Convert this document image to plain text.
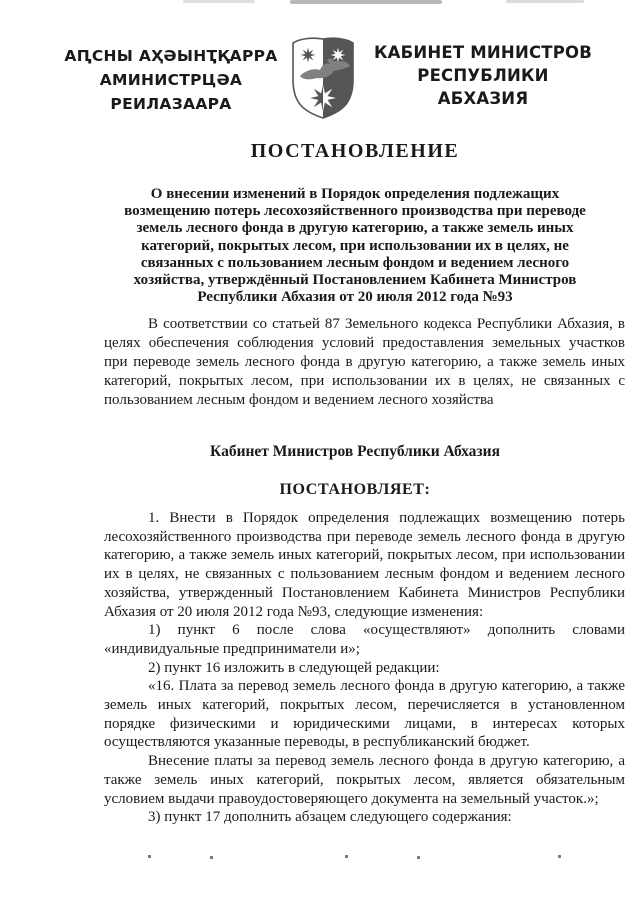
АԤСНЫ АҲӘЫНҬҚАРРА
АМИНИСТРЦӘА РЕИЛАЗААРА
КАБИНЕТ МИНИСТРОВ
РЕСПУБЛИКИ АБХАЗИЯ
ПОСТАНОВЛЕНИЕ
О внесении изменений в Порядок определения подлежащих возмещению потерь лесохозяйственного производства при переводе земель лесного фонда в другую категорию, а также земель иных категорий, покрытых лесом, при использовании их в целях, не связанных с пользованием лесным фондом и ведением лесного хозяйства, утверждённый Постановлением Кабинета Министров Республики Абхазия от 20 июля 2012 года №93

В соответствии со статьей 87 Земельного кодекса Республики Абхазия, в целях обеспечения соблюдения условий предоставления земельных участков при переводе земель лесного фонда в другую категорию, а также земель иных категорий, покрытых лесом, при использовании их в целях, не связанных с пользованием лесным фондом и ведением лесного хозяйства

Кабинет Министров Республики Абхазия
ПОСТАНОВЛЯЕТ:

1. Внести в Порядок определения подлежащих возмещению потерь лесохозяйственного производства при переводе земель лесного фонда в другую категорию, а также земель иных категорий, покрытых лесом, при использовании их в целях, не связанных с пользованием лесным фондом и ведением лесного хозяйства, утвержденный Постановлением Кабинета Министров Республики Абхазия от 20 июля 2012 года №93, следующие изменения:

1) пункт 6 после слова «осуществляют» дополнить словами «индивидуальные предприниматели и»;

2) пункт 16 изложить в следующей редакции:

«16. Плата за перевод земель лесного фонда в другую категорию, а также земель иных категорий, покрытых лесом, перечисляется в установленном порядке физическими и юридическими лицами, в интересах которых осуществляются указанные переводы, в республиканский бюджет.

Внесение платы за перевод земель лесного фонда в другую категорию, а также земель иных категорий, покрытых лесом, является обязательным условием выдачи правоудостоверяющего документа на земельный участок.»;

3) пункт 17 дополнить абзацем следующего содержания:
